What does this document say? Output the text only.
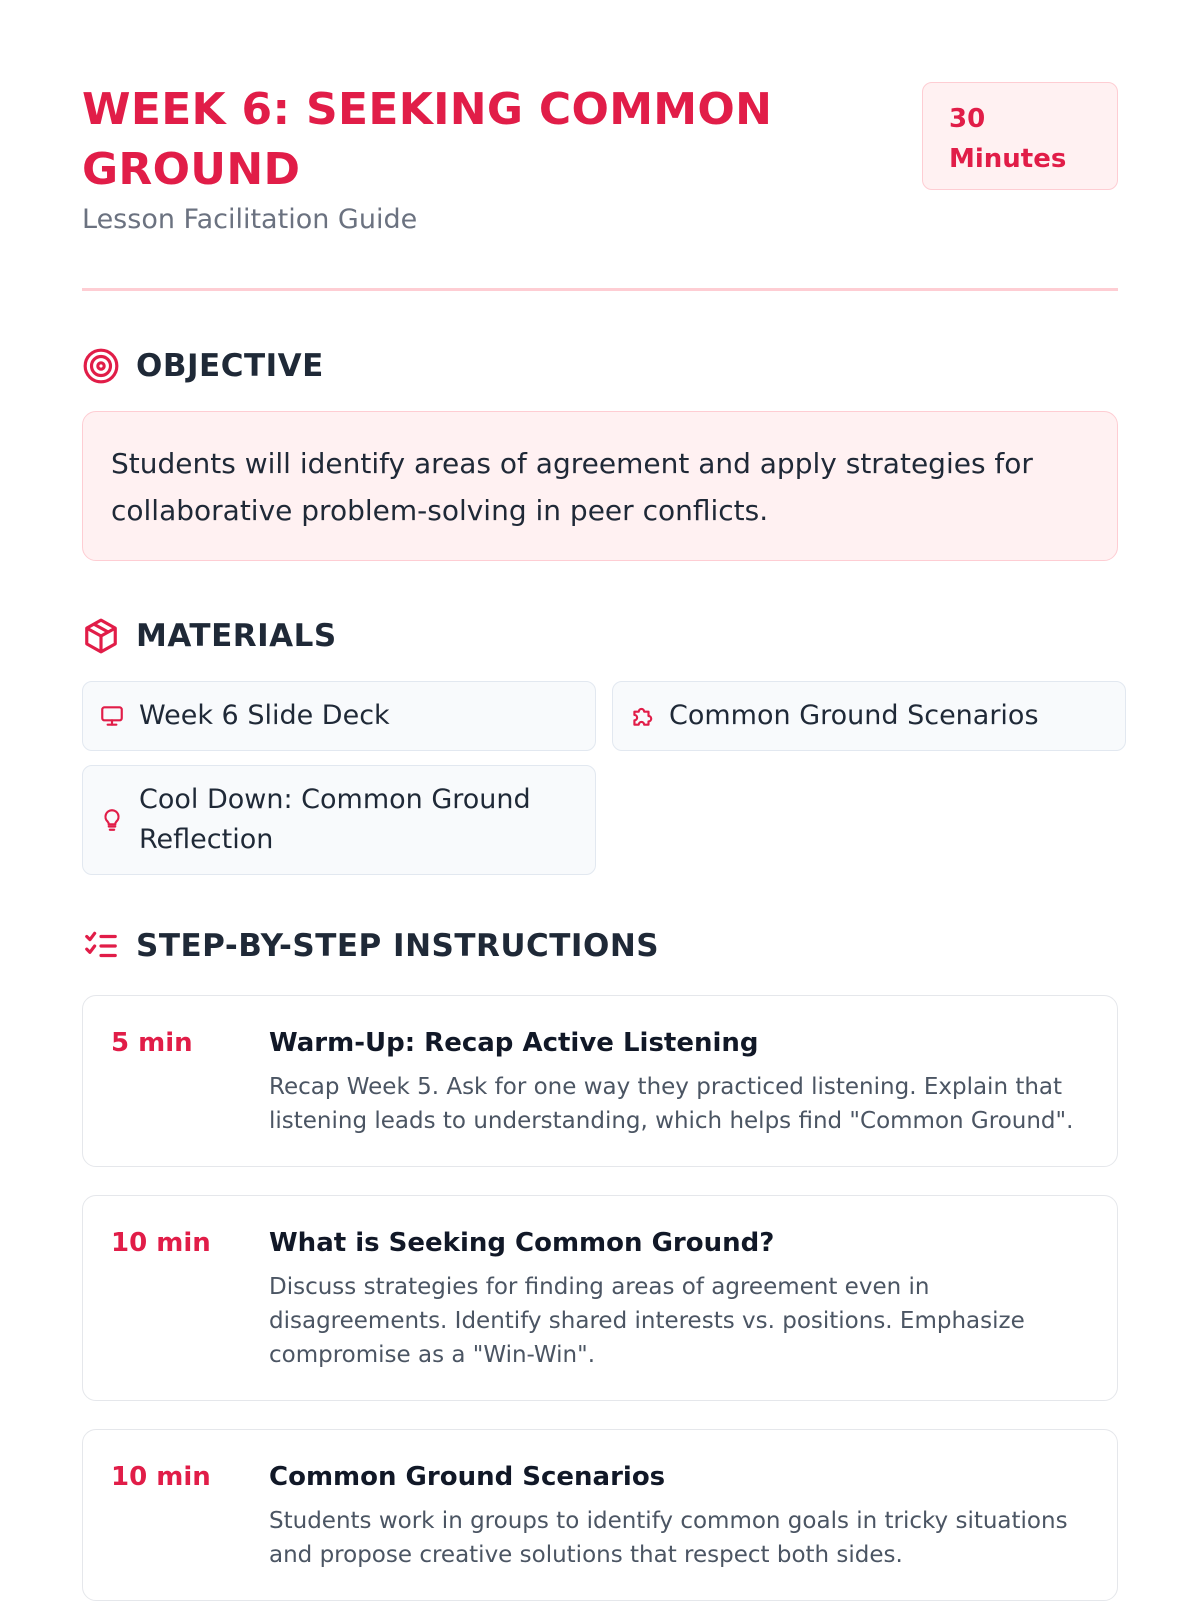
WEEK 6: SEEKING COMMON GROUND
Lesson Facilitation Guide
30 Minutes
OBJECTIVE
Students will identify areas of agreement and apply strategies for collaborative problem-solving in peer conflicts.
MATERIALS
Week 6 Slide Deck	Common Ground Scenarios
Cool Down: Common Ground Reflection
STEP-BY-STEP INSTRUCTIONS
5 min	Warm-Up: Recap Active Listening
Recap Week 5. Ask for one way they practiced listening. Explain that listening leads to understanding, which helps find "Common Ground".
10 min	What is Seeking Common Ground?
Discuss strategies for finding areas of agreement even in disagreements. Identify shared interests vs. positions. Emphasize compromise as a "Win-Win".
10 min	Common Ground Scenarios
Students work in groups to identify common goals in tricky situations and propose creative solutions that respect both sides.
